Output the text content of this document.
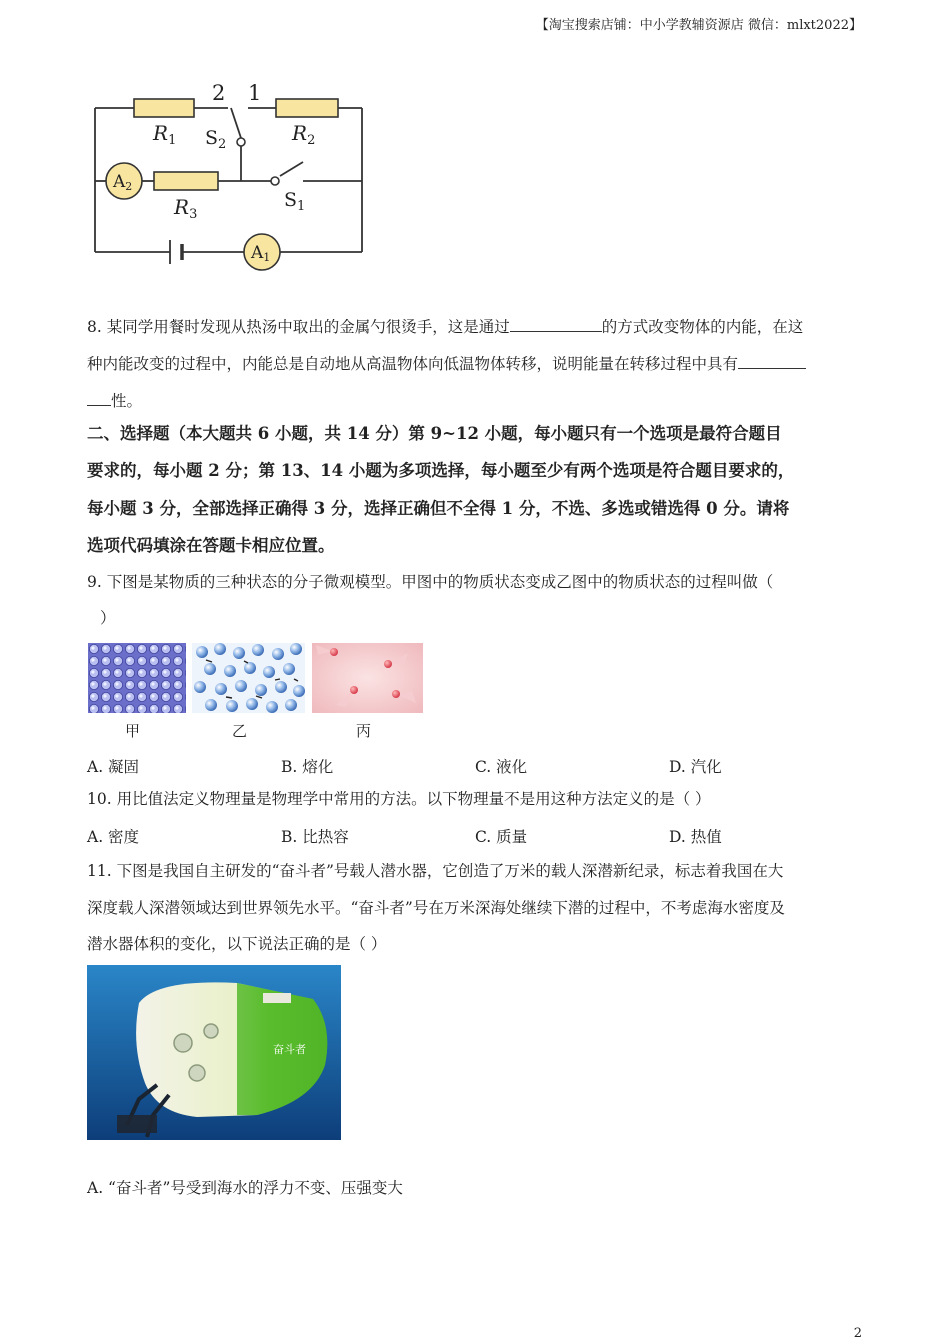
【淘宝搜索店铺：中小学教辅资源店 微信：mlxt2022】
$R_1$	$R_2$
$R_3$
$S_2$
$S_1$
A2
A1
2 1
8. 某同学用餐时发现从热汤中取出的金属勺很烫手，这是通过	的方式改变物体的内能，在这
种内能改变的过程中，内能总是自动地从高温物体向低温物体转移，说明能量在转移过程中具有
性。
二、选择题（本大题共 6 小题，共 14 分）第 9~12 小题，每小题只有一个选项是最符合题目
要求的，每小题 2 分；第 13、14 小题为多项选择，每小题至少有两个选项是符合题目要求的，
每小题 3 分，全部选择正确得 3 分，选择正确但不全得 1 分，不选、多选或错选得 0 分。请将
选项代码填涂在答题卡相应位置。
9. 下图是某物质的三种状态的分子微观模型。甲图中的物质状态变成乙图中的物质状态的过程叫做（
）
甲	乙	丙
A. 凝固	B. 熔化	C. 液化	D. 汽化
10. 用比值法定义物理量是物理学中常用的方法。以下物理量不是用这种方法定义的是（ ）
A. 密度	B. 比热容	C. 质量	D. 热值
11. 下图是我国自主研发的“奋斗者”号载人潜水器，它创造了万米的载人深潜新纪录，标志着我国在大
深度载人深潜领域达到世界领先水平。“奋斗者”号在万米深海处继续下潜的过程中，不考虑海水密度及
潜水器体积的变化，以下说法正确的是（ ）
奋斗者
A. “奋斗者”号受到海水的浮力不变、压强变大
2
